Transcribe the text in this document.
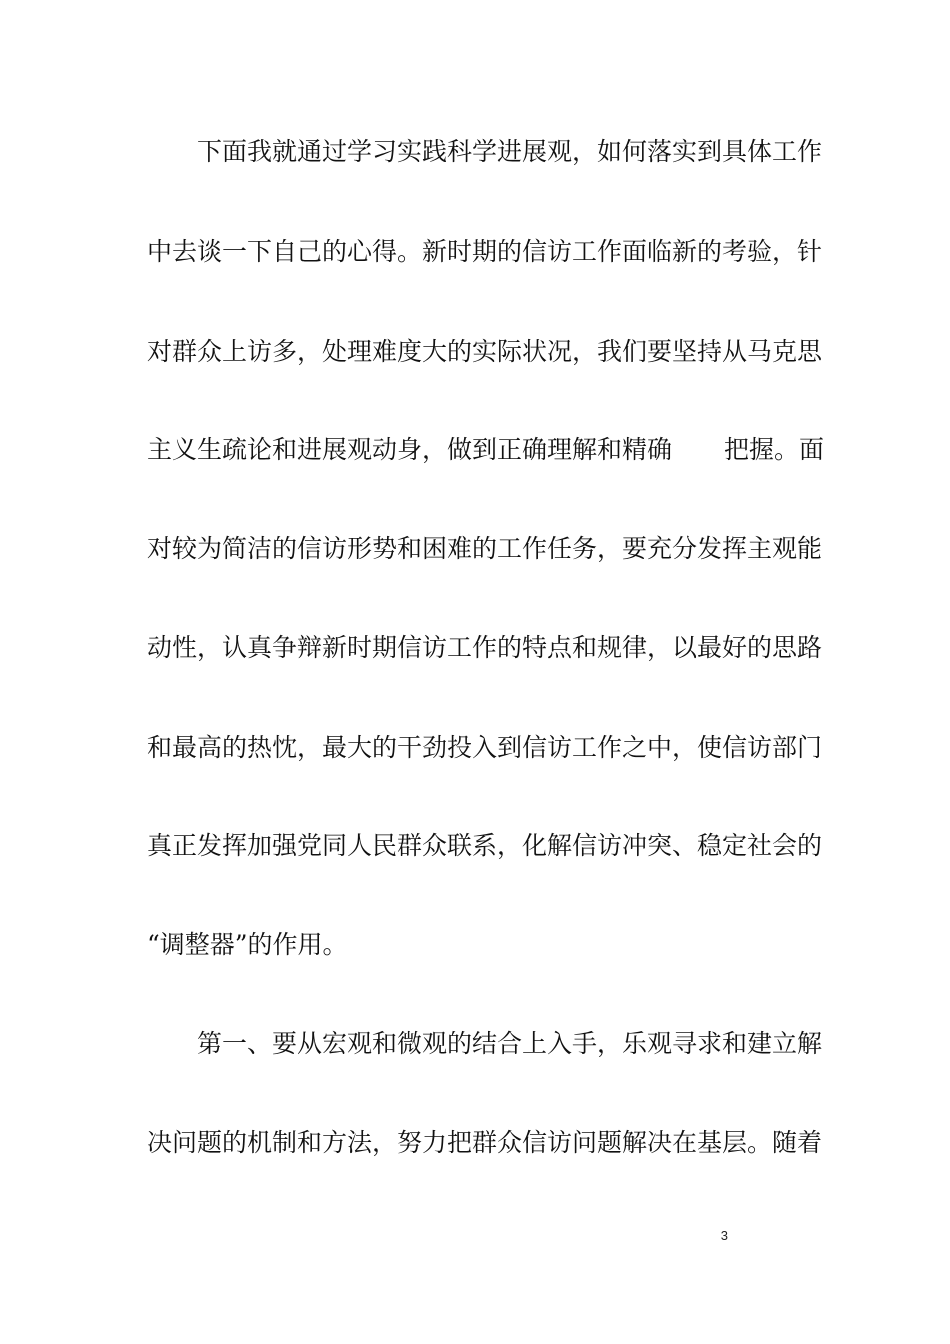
下面我就通过学习实践科学进展观，如何落实到具体工作
中去谈一下自己的心得。新时期的信访工作面临新的考验，针
对群众上访多，处理难度大的实际状况，我们要坚持从马克思
主义生疏论和进展观动身，做到正确理解和精确 把握。面
对较为简洁的信访形势和困难的工作任务，要充分发挥主观能
动性，认真争辩新时期信访工作的特点和规律，以最好的思路
和最高的热忱，最大的干劲投入到信访工作之中，使信访部门
真正发挥加强党同人民群众联系，化解信访冲突、稳定社会的
“调整器”的作用。
第一、要从宏观和微观的结合上入手，乐观寻求和建立解
决问题的机制和方法，努力把群众信访问题解决在基层。随着
3
